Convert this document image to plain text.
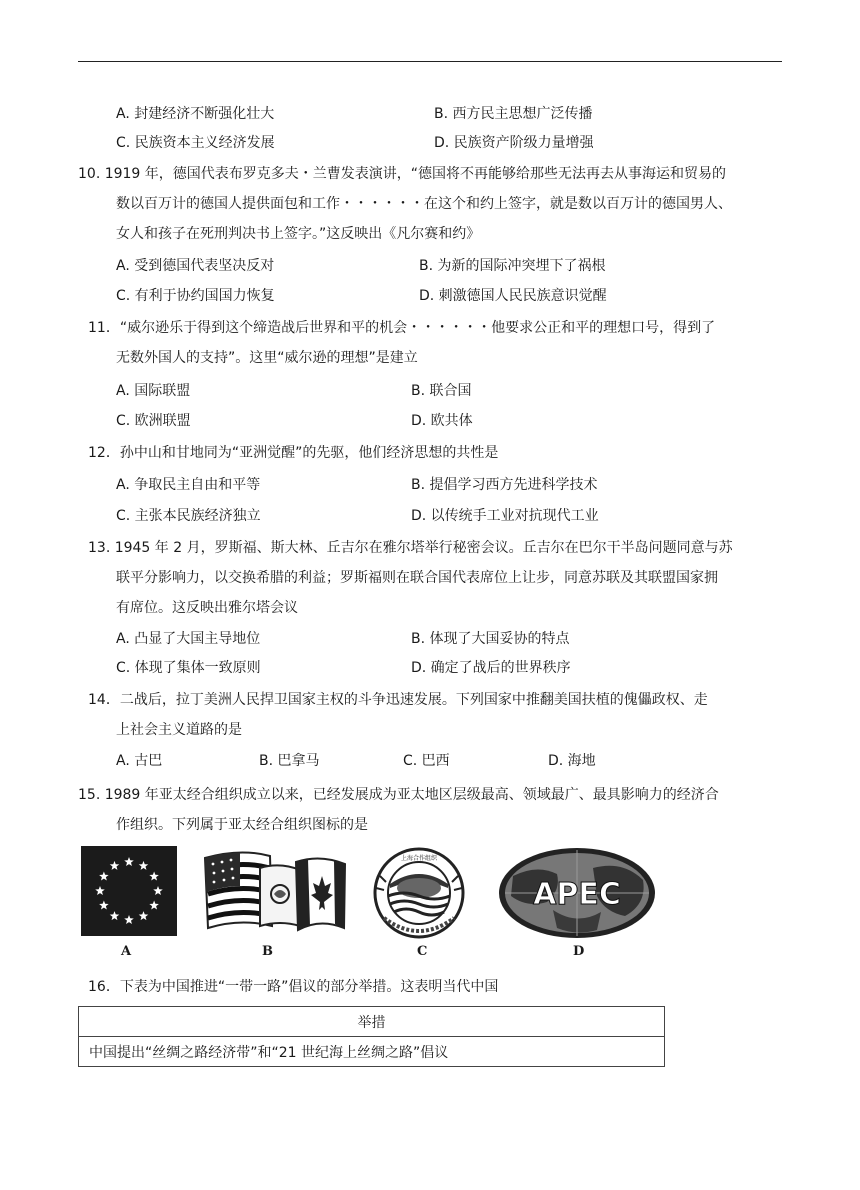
A. 封建经济不断强化壮大	B. 西方民主思想广泛传播
C. 民族资本主义经济发展	D. 民族资产阶级力量增强
10. 1919 年，德国代表布罗克多夫・兰曹发表演讲，“德国将不再能够给那些无法再去从事海运和贸易的
数以百万计的德国人提供面包和工作・・・・・・在这个和约上签字，就是数以百万计的德国男人、
女人和孩子在死刑判决书上签字。”这反映出《凡尔赛和约》
A. 受到德国代表坚决反对	B. 为新的国际冲突埋下了祸根
C. 有利于协约国国力恢复	D. 刺激德国人民民族意识觉醒
11．“威尔逊乐于得到这个缔造战后世界和平的机会・・・・・・他要求公正和平的理想口号，得到了
无数外国人的支持”。这里“威尔逊的理想”是建立
A. 国际联盟	B. 联合国
C. 欧洲联盟	D. 欧共体
12．孙中山和甘地同为“亚洲觉醒”的先驱，他们经济思想的共性是
A. 争取民主自由和平等	B. 提倡学习西方先进科学技术
C. 主张本民族经济独立	D. 以传统手工业对抗现代工业
13. 1945 年 2 月，罗斯福、斯大林、丘吉尔在雅尔塔举行秘密会议。丘吉尔在巴尔干半岛问题同意与苏
联平分影响力，以交换希腊的利益；罗斯福则在联合国代表席位上让步，同意苏联及其联盟国家拥
有席位。这反映出雅尔塔会议
A. 凸显了大国主导地位	B. 体现了大国妥协的特点
C. 体现了集体一致原则	D. 确定了战后的世界秩序
14．二战后，拉丁美洲人民捍卫国家主权的斗争迅速发展。下列国家中推翻美国扶植的傀儡政权、走
上社会主义道路的是
A. 古巴	B. 巴拿马	C. 巴西	D. 海地
15. 1989 年亚太经合组织成立以来，已经发展成为亚太地区层级最高、领域最广、最具影响力的经济合
作组织。下列属于亚太经合组织图标的是
上海合作组织
APEC
A	B	C	D
16．下表为中国推进“一带一路”倡议的部分举措。这表明当代中国
举措
中国提出“丝绸之路经济带”和“21 世纪海上丝绸之路”倡议
